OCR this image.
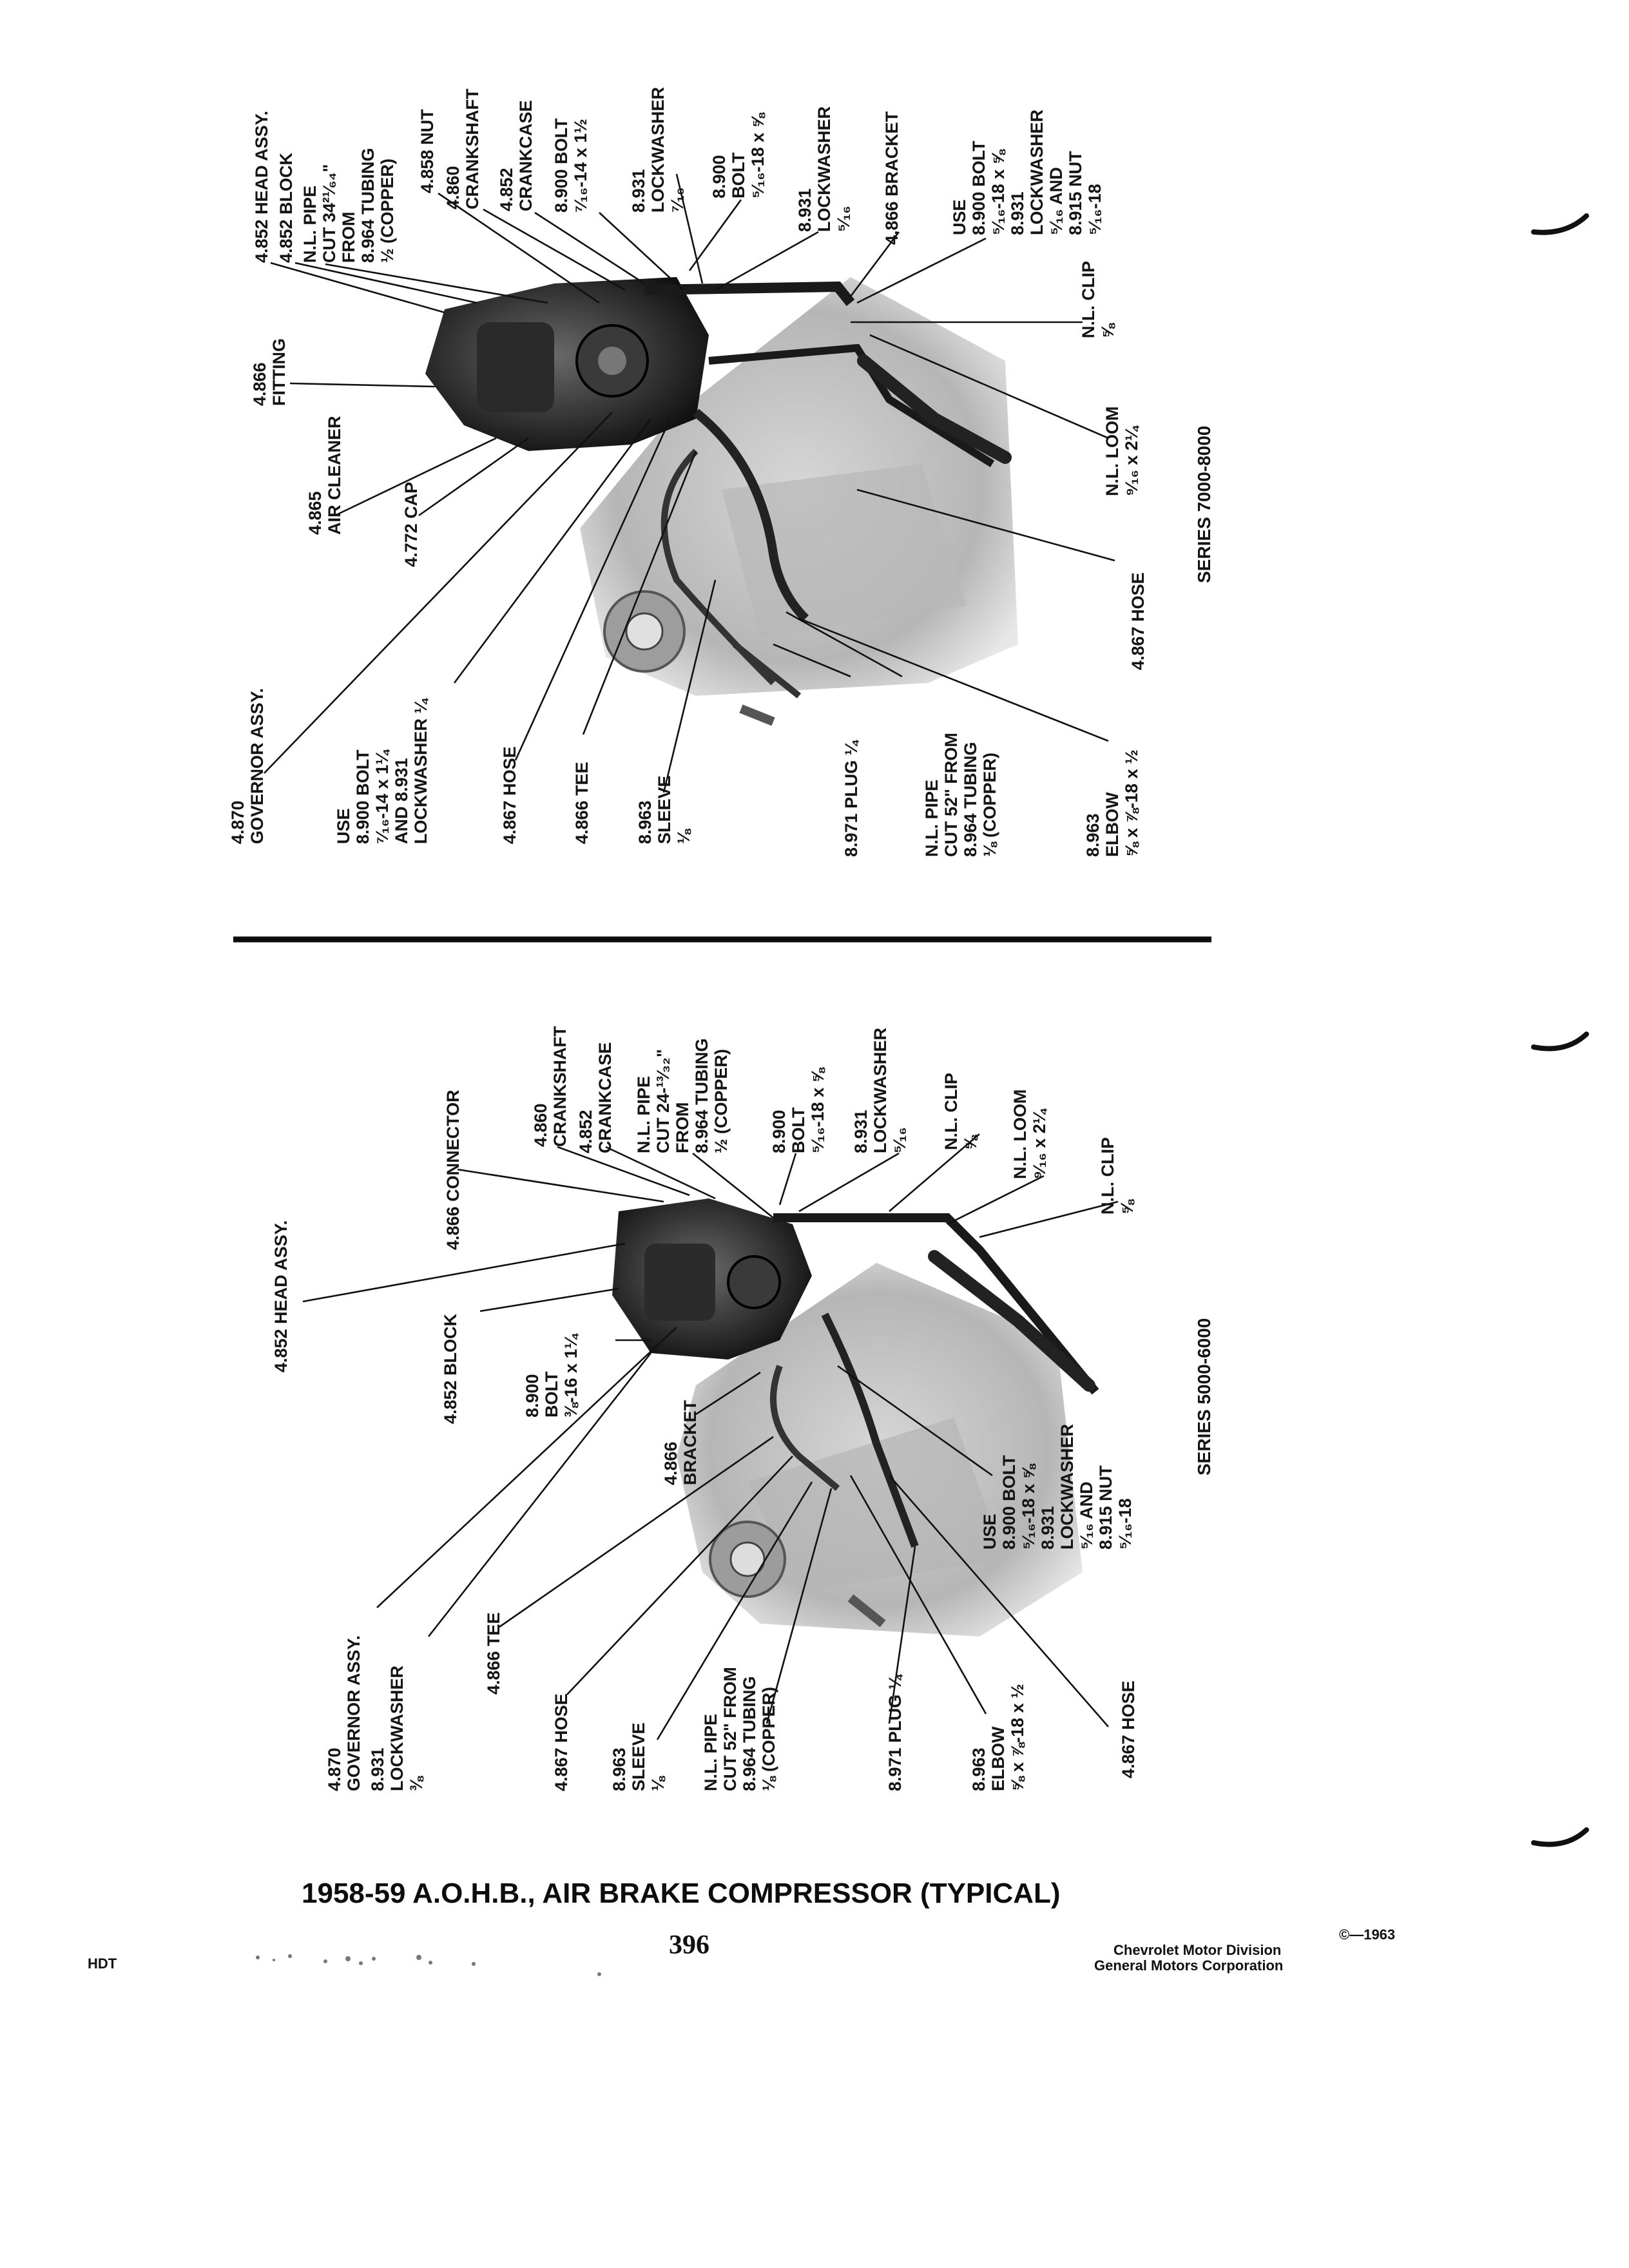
4.852 HEAD ASSY. 4.852 BLOCK N.L. PIPECUT 34²¹⁄₆₄"FROM8.964 TUBING½ (COPPER)
4.858 NUT 4.860CRANKSHAFT 4.852CRANKCASE 8.900 BOLT⁷⁄₁₆-14 x 1½ 8.931LOCKWASHER⁷⁄₁₆
8.900BOLT⁵⁄₁₆-18 x ⅝
8.931LOCKWASHER⁵⁄₁₆ 4.866 BRACKET	USE8.900 BOLT⁵⁄₁₆-18 x ⅝8.931LOCKWASHER⁵⁄₁₆ AND8.915 NUT⁵⁄₁₆-18
4.866FITTING
N.L. CLIP⅝
4.865AIR CLEANER	4.772 CAP
N.L. LOOM⁹⁄₁₆ x 2¼
4.870GOVERNOR ASSY.	USE8.900 BOLT⁷⁄₁₆-14 x 1¼AND 8.931LOCKWASHER ¼	4.867 HOSE	4.866 TEE	8.963SLEEVE⅛	8.971 PLUG ¼	N.L. PIPECUT 52" FROM8.964 TUBING⅛ (COPPER)	8.963ELBOW⅝ x ⅞-18 x ½
4.867 HOSE
SERIES 7000-8000
4.852 HEAD ASSY.
4.866 CONNECTOR	4.860CRANKSHAFT 4.852CRANKCASE N.L. PIPECUT 24-¹³⁄₃₂"FROM8.964 TUBING½ (COPPER) 8.900BOLT⁵⁄₁₆-18 x ⅝ 8.931LOCKWASHER⁵⁄₁₆ N.L. CLIP⅝ N.L. LOOM⁹⁄₁₆ x 2¼	N.L. CLIP⅝
4.852 BLOCK	8.900BOLT⅜-16 x 1¼
4.866BRACKET
USE8.900 BOLT⁵⁄₁₆-18 x ⅝8.931LOCKWASHER⁵⁄₁₆ AND8.915 NUT⁵⁄₁₆-18
4.870GOVERNOR ASSY. 8.931LOCKWASHER⅜
4.866 TEE
4.867 HOSE 8.963SLEEVE⅛ N.L. PIPECUT 52" FROM8.964 TUBING⅛ (COPPER)	8.971 PLUG ¼	8.963ELBOW⅝ x ⅞-18 x ½	4.867 HOSE
SERIES 5000-6000
1958-59 A.O.H.B., AIR BRAKE COMPRESSOR (TYPICAL)
396
HDT
©—1963
Chevrolet Motor Division
General Motors Corporation
